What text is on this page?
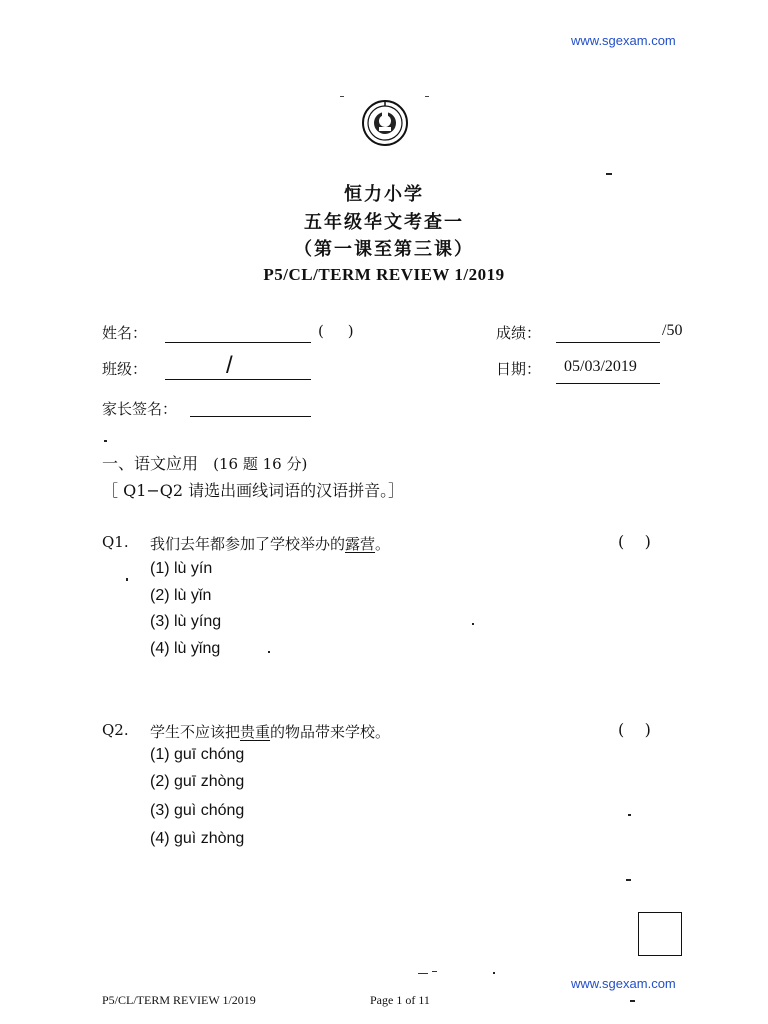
www.sgexam.com
恒力小学
五年级华文考查一
（第一课至第三课）
P5/CL/TERM REVIEW 1/2019
姓名：	(     )
班级：	/
家长签名：
成绩：	/50
日期： 05/03/2019
一、语文应用 (16 题 16 分)
［ Q1−Q2 请选出画线词语的汉语拼音。］
Q1. 我们去年都参加了学校举办的露营。	(    )
(1) lù yín
(2) lù yǐn
(3) lù yíng
(4) lù yǐng
Q2. 学生不应该把贵重的物品带来学校。	(    )
(1) guī chóng
(2) guī zhòng
(3) guì chóng
(4) guì zhòng
www.sgexam.com
P5/CL/TERM REVIEW 1/2019	Page 1 of 11
